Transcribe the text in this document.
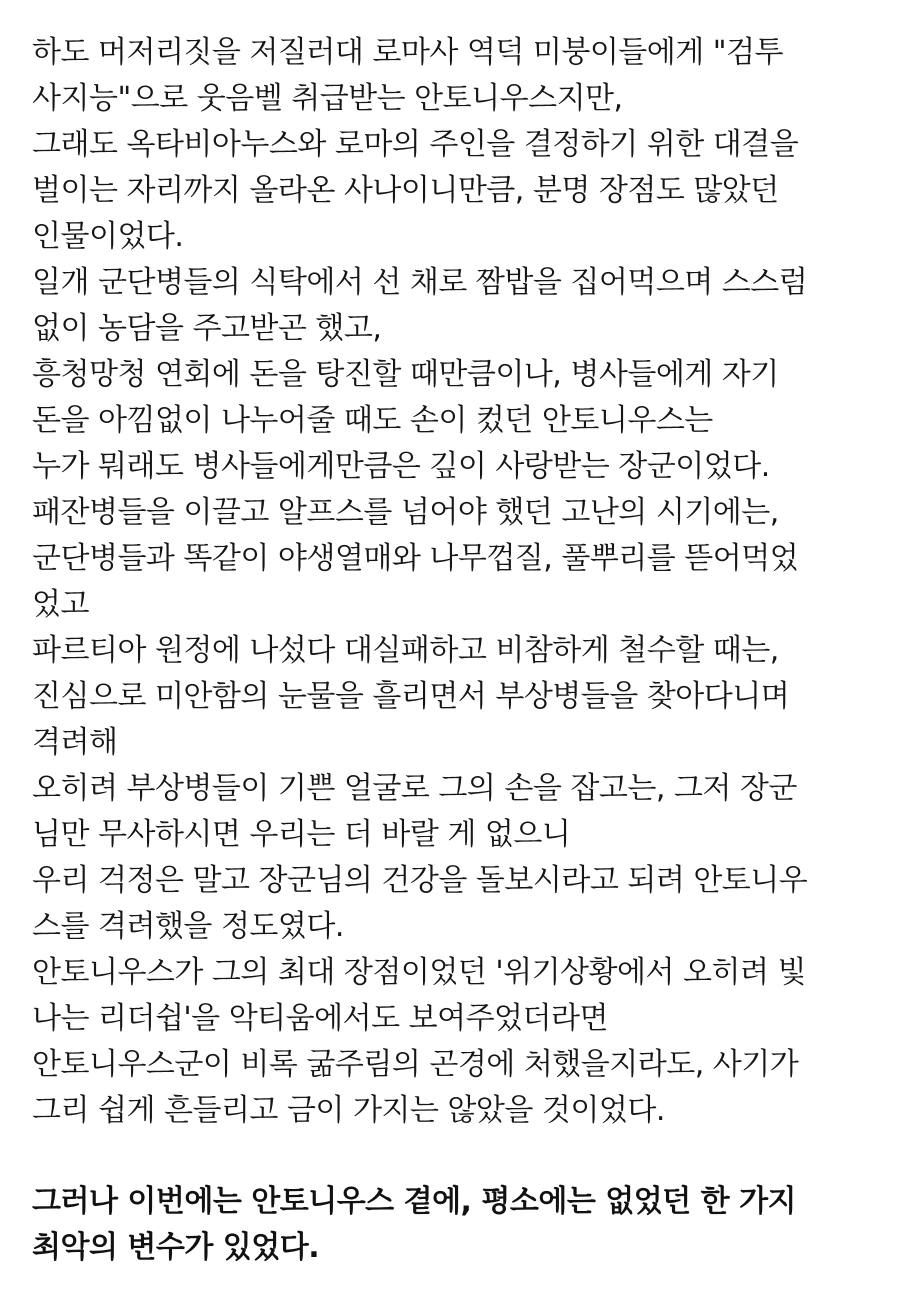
하도 머저리짓을 저질러대 로마사 역덕 미붕이들에게 "검투
사지능"으로 웃음벨 취급받는 안토니우스지만,
그래도 옥타비아누스와 로마의 주인을 결정하기 위한 대결을
벌이는 자리까지 올라온 사나이니만큼, 분명 장점도 많았던
인물이었다.
일개 군단병들의 식탁에서 선 채로 짬밥을 집어먹으며 스스럼
없이 농담을 주고받곤 했고,
흥청망청 연회에 돈을 탕진할 때만큼이나, 병사들에게 자기
돈을 아낌없이 나누어줄 때도 손이 컸던 안토니우스는
누가 뭐래도 병사들에게만큼은 깊이 사랑받는 장군이었다.
패잔병들을 이끌고 알프스를 넘어야 했던 고난의 시기에는,
군단병들과 똑같이 야생열매와 나무껍질, 풀뿌리를 뜯어먹었
었고
파르티아 원정에 나섰다 대실패하고 비참하게 철수할 때는,
진심으로 미안함의 눈물을 흘리면서 부상병들을 찾아다니며
격려해
오히려 부상병들이 기쁜 얼굴로 그의 손을 잡고는, 그저 장군
님만 무사하시면 우리는 더 바랄 게 없으니
우리 걱정은 말고 장군님의 건강을 돌보시라고 되려 안토니우
스를 격려했을 정도였다.
안토니우스가 그의 최대 장점이었던 '위기상황에서 오히려 빛
나는 리더쉽'을 악티움에서도 보여주었더라면
안토니우스군이 비록 굶주림의 곤경에 처했을지라도, 사기가
그리 쉽게 흔들리고 금이 가지는 않았을 것이었다.
그러나 이번에는 안토니우스 곁에, 평소에는 없었던 한 가지
최악의 변수가 있었다.
